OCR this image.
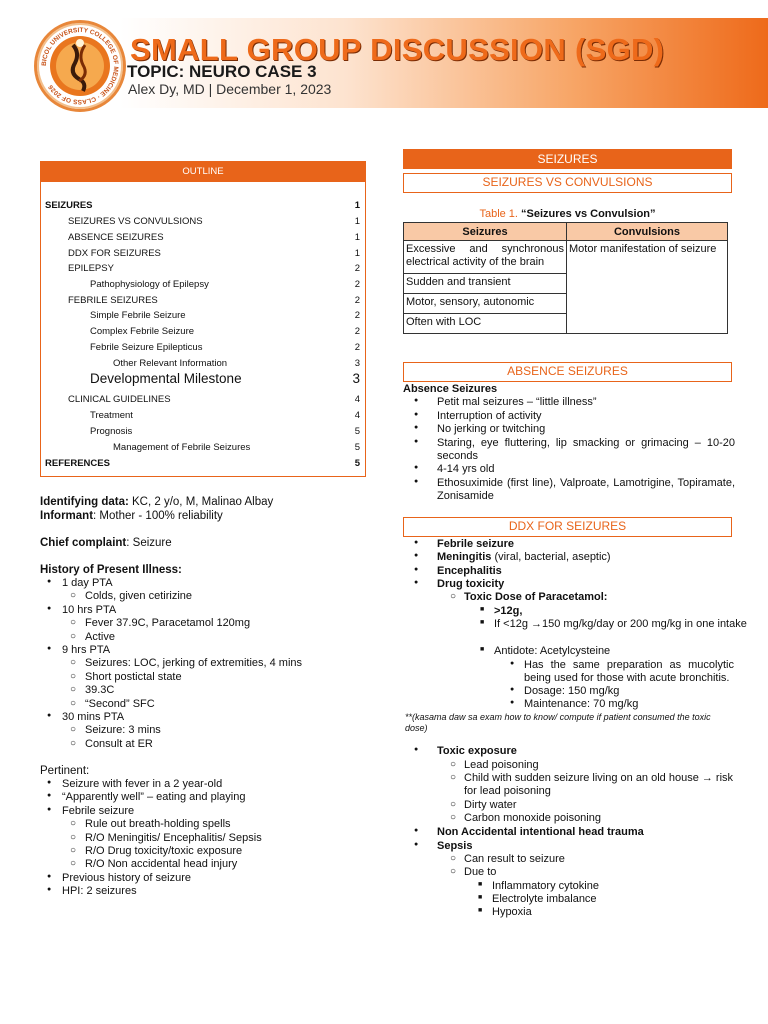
BICOL UNIVERSITY COLLEGE OF MEDICINE · CLASS OF 2026
SMALL GROUP DISCUSSION (SGD)
TOPIC: NEURO CASE 3
Alex Dy, MD | December 1, 2023
OUTLINE
SEIZURES	1
SEIZURES VS CONVULSIONS	1
ABSENCE SEIZURES	1
DDX FOR SEIZURES	1
EPILEPSY	2
Pathophysiology of Epilepsy	2
FEBRILE SEIZURES	2
Simple Febrile Seizure	2
Complex Febrile Seizure	2
Febrile Seizure Epilepticus	2
Other Relevant Information	3
Developmental Milestone	3
CLINICAL GUIDELINES	4
Treatment	4
Prognosis	5
Management of Febrile Seizures	5
REFERENCES	5
Identifying data: KC, 2 y/o, M, Malinao Albay
Informant: Mother - 100% reliability
Chief complaint: Seizure
History of Present Illness:
● 1 day PTA
○ Colds, given cetirizine
● 10 hrs PTA
○ Fever 37.9C, Paracetamol 120mg
○ Active
● 9 hrs PTA
○ Seizures: LOC, jerking of extremities, 4 mins
○ Short postictal state
○ 39.3C
○ “Second” SFC
● 30 mins PTA
○ Seizure: 3 mins
○ Consult at ER
Pertinent:
● Seizure with fever in a 2 year-old
● “Apparently well” – eating and playing
● Febrile seizure
○ Rule out breath-holding spells
○ R/O Meningitis/ Encephalitis/ Sepsis
○ R/O Drug toxicity/toxic exposure
○ R/O Non accidental head injury
● Previous history of seizure
● HPI: 2 seizures
SEIZURES
SEIZURES VS CONVULSIONS
Table 1. “Seizures vs Convulsion”
Seizures	Convulsions
Excessive and synchronous electrical activity of the brain	Motor manifestation of seizure
Sudden and transient	
Motor, sensory, autonomic	
Often with LOC	
ABSENCE SEIZURES
Absence Seizures
● Petit mal seizures – “little illness”
● Interruption of activity
● No jerking or twitching
● Staring, eye fluttering, lip smacking or grimacing – 10-20 seconds
● 4-14 yrs old
● Ethosuximide (first line), Valproate, Lamotrigine, Topiramate, Zonisamide
DDX FOR SEIZURES
● Febrile seizure
● Meningitis (viral, bacterial, aseptic)
● Encephalitis
● Drug toxicity
○ Toxic Dose of Paracetamol:
■ >12g,
■ If <12g →150 mg/kg/day or 200 mg/kg in one intake
■ Antidote: Acetylcysteine
● Has the same preparation as mucolytic being used for those with acute bronchitis.
● Dosage: 150 mg/kg
● Maintenance: 70 mg/kg
**(kasama daw sa exam how to know/ compute if patient consumed the toxic dose)
● Toxic exposure
○ Lead poisoning
○ Child with sudden seizure living on an old house → risk for lead poisoning
○ Dirty water
○ Carbon monoxide poisoning
● Non Accidental intentional head trauma
● Sepsis
○ Can result to seizure
○ Due to
■ Inflammatory cytokine
■ Electrolyte imbalance
■ Hypoxia
